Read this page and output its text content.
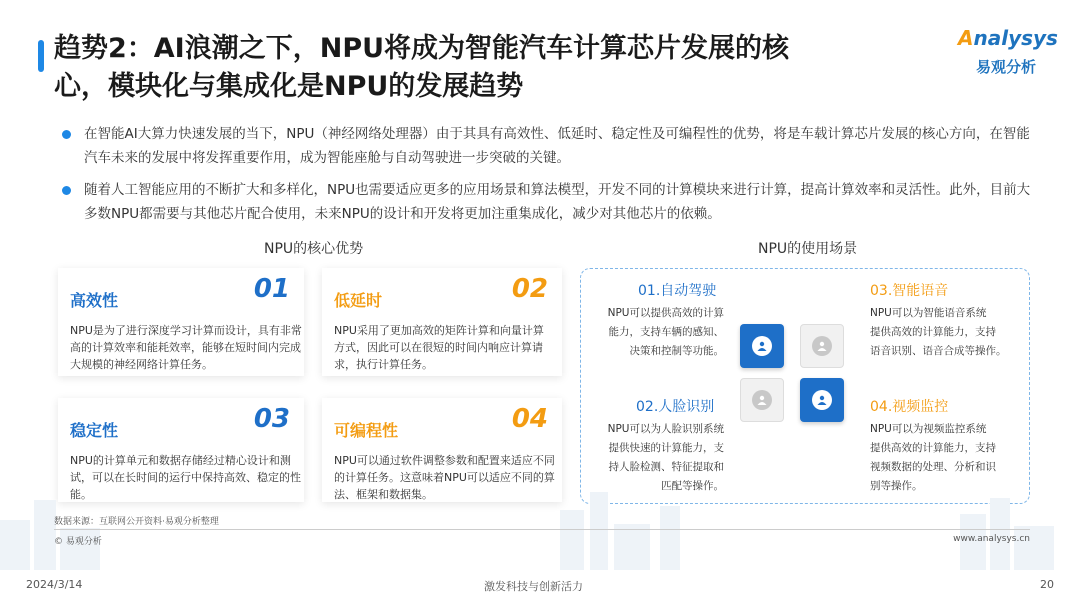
趋势2：AI浪潮之下，NPU将成为智能汽车计算芯片发展的核
心，模块化与集成化是NPU的发展趋势
Analysys
易观分析
在智能AI大算力快速发展的当下，NPU（神经网络处理器）由于其具有高效性、低延时、稳定性及可编程性的优势，将是车载计算芯片发展的核心方向，在智能汽车未来的发展中将发挥重要作用，成为智能座舱与自动驾驶进一步突破的关键。
随着人工智能应用的不断扩大和多样化，NPU也需要适应更多的应用场景和算法模型，开发不同的计算模块来进行计算，提高计算效率和灵活性。此外，目前大多数NPU都需要与其他芯片配合使用，未来NPU的设计和开发将更加注重集成化，减少对其他芯片的依赖。
NPU的核心优势	NPU的使用场景
高效性	01
NPU是为了进行深度学习计算而设计，具有非常高的计算效率和能耗效率，能够在短时间内完成大规模的神经网络计算任务。
低延时	02
NPU采用了更加高效的矩阵计算和向量计算方式，因此可以在很短的时间内响应计算请求，执行计算任务。
稳定性	03
NPU的计算单元和数据存储经过精心设计和测试，可以在长时间的运行中保持高效、稳定的性能。
可编程性	04
NPU可以通过软件调整参数和配置来适应不同的计算任务。这意味着NPU可以适应不同的算法、框架和数据集。
01.自动驾驶
NPU可以提供高效的计算
能力，支持车辆的感知、
决策和控制等功能。
03.智能语音
NPU可以为智能语音系统
提供高效的计算能力，支持
语音识别、语音合成等操作。
02.人脸识别
NPU可以为人脸识别系统
提供快速的计算能力，支
持人脸检测、特征提取和
匹配等操作。
04.视频监控
NPU可以为视频监控系统
提供高效的计算能力，支持
视频数据的处理、分析和识
别等操作。
数据来源：互联网公开资料·易观分析整理
© 易观分析	www.analysys.cn
2024/3/14	激发科技与创新活力	20
